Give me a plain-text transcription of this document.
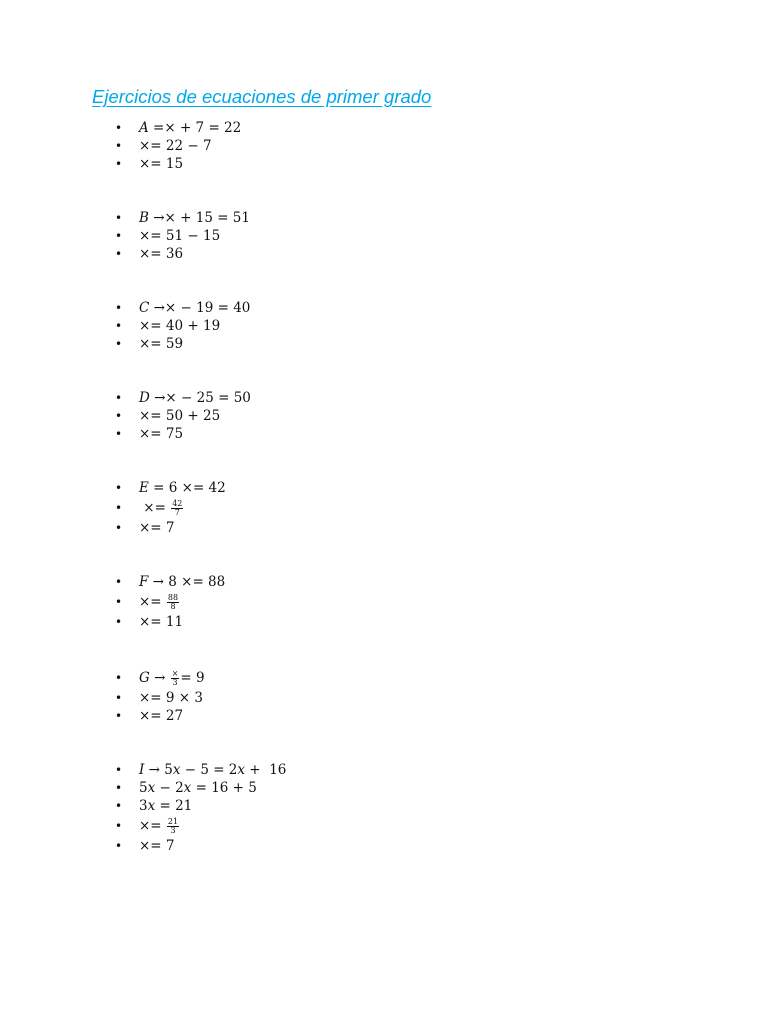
Ejercicios de ecuaciones de primer grado
• 𝐴 =× + 7 = 22
• ×= 22 − 7
• ×= 15
• 𝐵 →× + 15 = 51
• ×= 51 − 15
• ×= 36
• 𝐶 →× − 19 = 40
• ×= 40 + 19
• ×= 59
• 𝐷 →× − 25 = 50
• ×= 50 + 25
• ×= 75
• 𝐸 = 6 ×= 42
• ×= $\frac{42}{7}$
• ×= 7
• 𝐹 → 8 ×= 88
• ×= $\frac{88}{8}$
• ×= 11
• 𝐺 → $\frac{\times}{3} = 9$
• ×= 9 × 3
• ×= 27
• 𝐼 → 5𝑥 − 5 = 2𝑥 +  16
• 5𝑥 − 2𝑥 = 16 + 5
• 3𝑥 = 21
• ×= $\frac{21}{3}$
• ×= 7
